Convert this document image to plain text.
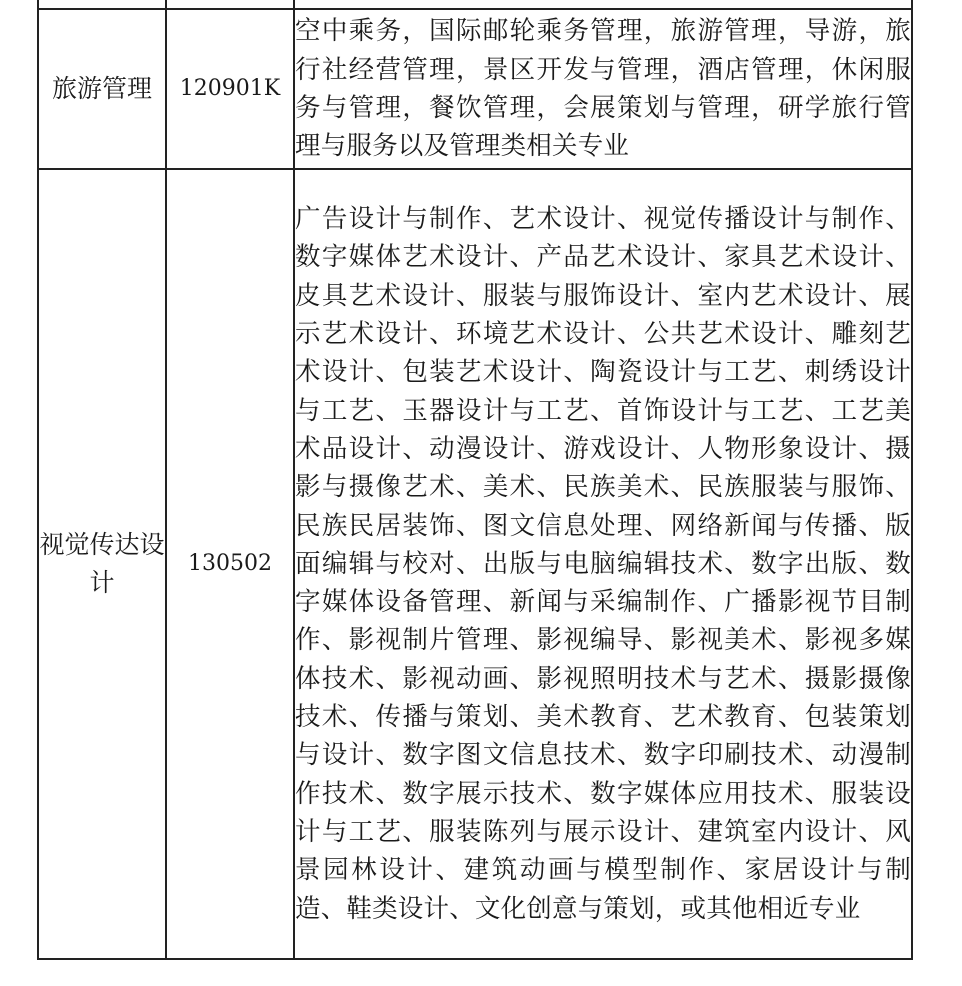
旅游管理	120901K	空中乘务，国际邮轮乘务管理，旅游管理，导游，旅行社经营管理，景区开发与管理，酒店管理，休闲服务与管理，餐饮管理，会展策划与管理，研学旅行管理与服务以及管理类相关专业
视觉传达设计	130502	广告设计与制作、艺术设计、视觉传播设计与制作、数字媒体艺术设计、产品艺术设计、家具艺术设计、皮具艺术设计、服装与服饰设计、室内艺术设计、展示艺术设计、环境艺术设计、公共艺术设计、雕刻艺术设计、包装艺术设计、陶瓷设计与工艺、刺绣设计与工艺、玉器设计与工艺、首饰设计与工艺、工艺美术品设计、动漫设计、游戏设计、人物形象设计、摄影与摄像艺术、美术、民族美术、民族服装与服饰、民族民居装饰、图文信息处理、网络新闻与传播、版面编辑与校对、出版与电脑编辑技术、数字出版、数字媒体设备管理、新闻与采编制作、广播影视节目制作、影视制片管理、影视编导、影视美术、影视多媒体技术、影视动画、影视照明技术与艺术、摄影摄像技术、传播与策划、美术教育、艺术教育、包装策划与设计、数字图文信息技术、数字印刷技术、动漫制作技术、数字展示技术、数字媒体应用技术、服装设计与工艺、服装陈列与展示设计、建筑室内设计、风景园林设计、建筑动画与模型制作、家居设计与制造、鞋类设计、文化创意与策划，或其他相近专业
